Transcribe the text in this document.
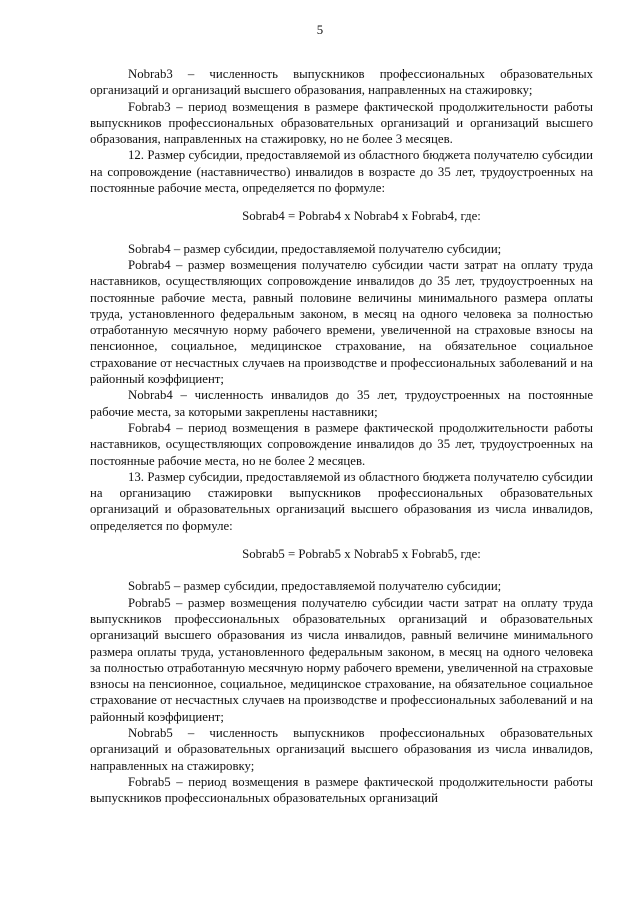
5

Nobrab3 – численность выпускников профессиональных образовательных организаций и организаций высшего образования, направленных на стажировку;

Fobrab3 – период возмещения в размере фактической продолжительности работы выпускников профессиональных образовательных организаций и организаций высшего образования, направленных на стажировку, но не более 3 месяцев.

12. Размер субсидии, предоставляемой из областного бюджета получателю субсидии на сопровождение (наставничество) инвалидов в возрасте до 35 лет, трудоустроенных на постоянные рабочие места, определяется по формуле:

Sobrab4 = Pobrab4 x Nobrab4 x Fobrab4, где:

Sobrab4 – размер субсидии, предоставляемой получателю субсидии;

Pobrab4 – размер возмещения получателю субсидии части затрат на оплату труда наставников, осуществляющих сопровождение инвалидов до 35 лет, трудоустроенных на постоянные рабочие места, равный половине величины минимального размера оплаты труда, установленного федеральным законом, в месяц на одного человека за полностью отработанную месячную норму рабочего времени, увеличенной на страховые взносы на пенсионное, социальное, медицинское страхование, на обязательное социальное страхование от несчастных случаев на производстве и профессиональных заболеваний и на районный коэффициент;

Nobrab4 – численность инвалидов до 35 лет, трудоустроенных на постоянные рабочие места, за которыми закреплены наставники;

Fobrab4 – период возмещения в размере фактической продолжительности работы наставников, осуществляющих сопровождение инвалидов до 35 лет, трудоустроенных на постоянные рабочие места, но не более 2 месяцев.

13. Размер субсидии, предоставляемой из областного бюджета получателю субсидии на организацию стажировки выпускников профессиональных образовательных организаций и образовательных организаций высшего образования из числа инвалидов, определяется по формуле:

Sobrab5 = Pobrab5 x Nobrab5 x Fobrab5, где:

Sobrab5 – размер субсидии, предоставляемой получателю субсидии;

Pobrab5 – размер возмещения получателю субсидии части затрат на оплату труда выпускников профессиональных образовательных организаций и образовательных организаций высшего образования из числа инвалидов, равный величине минимального размера оплаты труда, установленного федеральным законом, в месяц на одного человека за полностью отработанную месячную норму рабочего времени, увеличенной на страховые взносы на пенсионное, социальное, медицинское страхование, на обязательное социальное страхование от несчастных случаев на производстве и профессиональных заболеваний и на районный коэффициент;

Nobrab5 – численность выпускников профессиональных образовательных организаций и образовательных организаций высшего образования из числа инвалидов, направленных на стажировку;

Fobrab5 – период возмещения в размере фактической продолжительности работы выпускников профессиональных образовательных организаций
